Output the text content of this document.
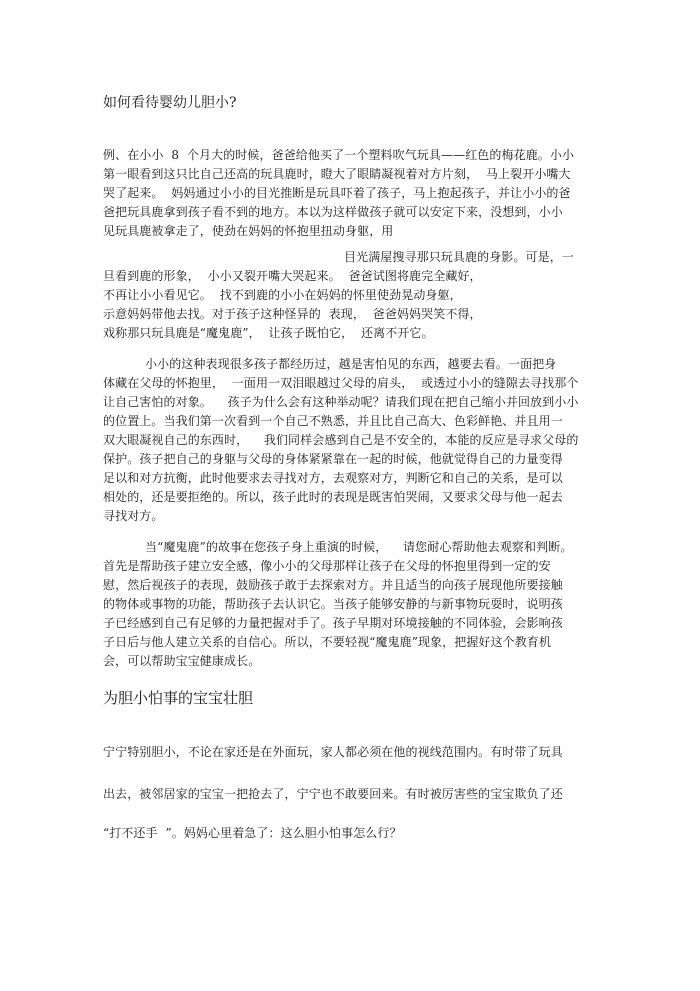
如何看待婴幼儿胆小?
例、在小小  8  个月大的时候，爸爸给他买了一个塑料吹气玩具——红色的梅花鹿。小小
第一眼看到这只比自己还高的玩具鹿时，瞪大了眼睛凝视着对方片刻，  马上裂开小嘴大
哭了起来。  妈妈通过小小的目光推断是玩具吓着了孩子，马上抱起孩子，并让小小的爸
爸把玩具鹿拿到孩子看不到的地方。本以为这样做孩子就可以安定下来，没想到，小小
见玩具鹿被拿走了，使劲在妈妈的怀抱里扭动身躯，用
目光满屋搜寻那只玩具鹿的身影。可是，一
旦看到鹿的形象，  小小又裂开嘴大哭起来。  爸爸试图将鹿完全藏好，
不再让小小看见它。  找不到鹿的小小在妈妈的怀里使劲晃动身躯，
示意妈妈带他去找。对于孩子这种怪异的  表现，  爸爸妈妈哭笑不得，
戏称那只玩具鹿是“魔鬼鹿”，  让孩子既怕它，  还离不开它。
小小的这种表现很多孩子都经历过，越是害怕见的东西，越要去看。一面把身
体藏在父母的怀抱里，  一面用一双泪眼越过父母的肩头，  或透过小小的缝隙去寻找那个
让自己害怕的对象。    孩子为什么会有这种举动呢？请我们现在把自己缩小并回放到小小
的位置上。当我们第一次看到一个自己不熟悉，并且比自己高大、色彩鲜艳、并且用一
双大眼凝视自己的东西时，    我们同样会感到自己是不安全的，本能的反应是寻求父母的
保护。孩子把自己的身躯与父母的身体紧紧靠在一起的时候，他就觉得自己的力量变得
足以和对方抗衡，此时他要求去寻找对方，去观察对方，判断它和自己的关系，是可以
相处的，还是要拒绝的。所以，孩子此时的表现是既害怕哭闹，又要求父母与他一起去
寻找对方。
当“魔鬼鹿”的故事在您孩子身上重演的时候，    请您耐心帮助他去观察和判断。
首先是帮助孩子建立安全感，像小小的父母那样让孩子在父母的怀抱里得到一定的安
慰，然后视孩子的表现，鼓励孩子敢于去探索对方。并且适当的向孩子展现他所要接触
的物体或事物的功能，帮助孩子去认识它。当孩子能够安静的与新事物玩耍时，说明孩
子已经感到自己有足够的力量把握对手了。孩子早期对环境接触的不同体验，会影响孩
子日后与他人建立关系的自信心。所以，不要轻视“魔鬼鹿”现象，把握好这个教育机
会，可以帮助宝宝健康成长。
为胆小怕事的宝宝壮胆
宁宁特别胆小，不论在家还是在外面玩，家人都必须在他的视线范围内。有时带了玩具
出去，被邻居家的宝宝一把抢去了，宁宁也不敢要回来。有时被厉害些的宝宝欺负了还
“打不还手  ”。妈妈心里着急了：这么胆小怕事怎么行？
